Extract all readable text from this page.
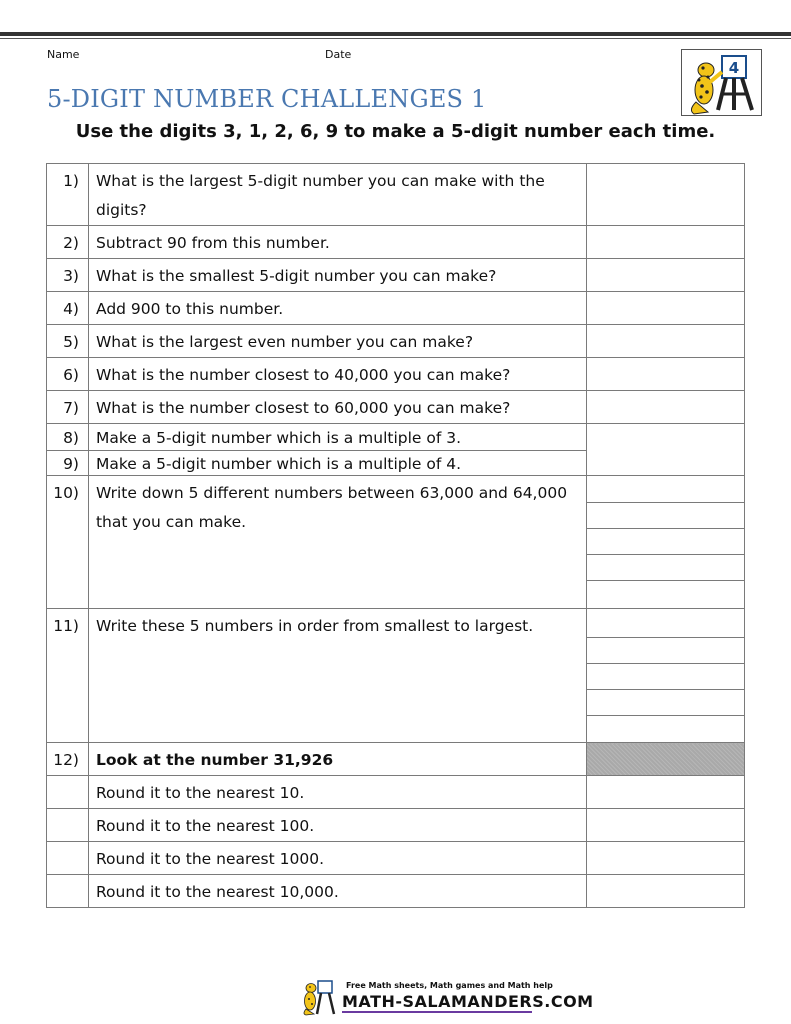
Name	Date
4
5-DIGIT NUMBER CHALLENGES 1
Use the digits 3, 1, 2, 6, 9 to make a 5-digit number each time.
1)	What is the largest 5-digit number you can make with the digits?	
2)	Subtract 90 from this number.	
3)	What is the smallest 5-digit number you can make?	
4)	Add 900 to this number.	
5)	What is the largest even number you can make?	
6)	What is the number closest to 40,000 you can make?	
7)	What is the number closest to 60,000 you can make?	
8)	Make a 5-digit number which is a multiple of 3.	
9)	Make a 5-digit number which is a multiple of 4.	
10)	Write down 5 different numbers between 63,000 and 64,000 that you can make.	

11)	Write these 5 numbers in order from smallest to largest.	

12)	Look at the number 31,926	
	Round it to the nearest 10.	
	Round it to the nearest 100.	
	Round it to the nearest 1000.	
	Round it to the nearest 10,000.	
Free Math sheets, Math games and Math help
MATH-SALAMANDERS.COM
